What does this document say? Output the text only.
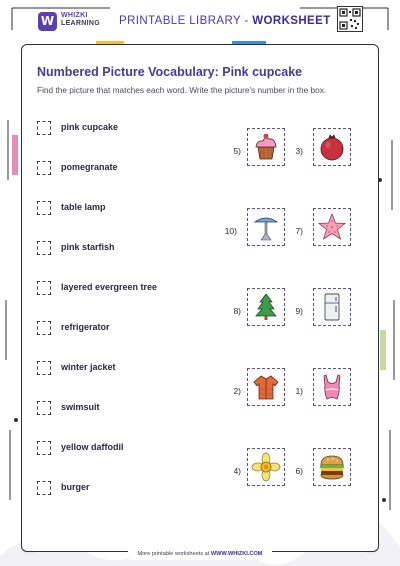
W WHIZKI
LEARNING PRINTABLE LIBRARY - WORKSHEET
Numbered Picture Vocabulary: Pink cupcake
Find the picture that matches each word. Write the picture's number in the box.
pink cupcake
pomegranate
table lamp
pink starfish
layered evergreen tree
refrigerator
winter jacket
swimsuit
yellow daffodil
burger
5)	3)
10)	7)
8)	9)
2)	1)
4)	6)
More printable worksheets at WWW.WHIZKI.COM
